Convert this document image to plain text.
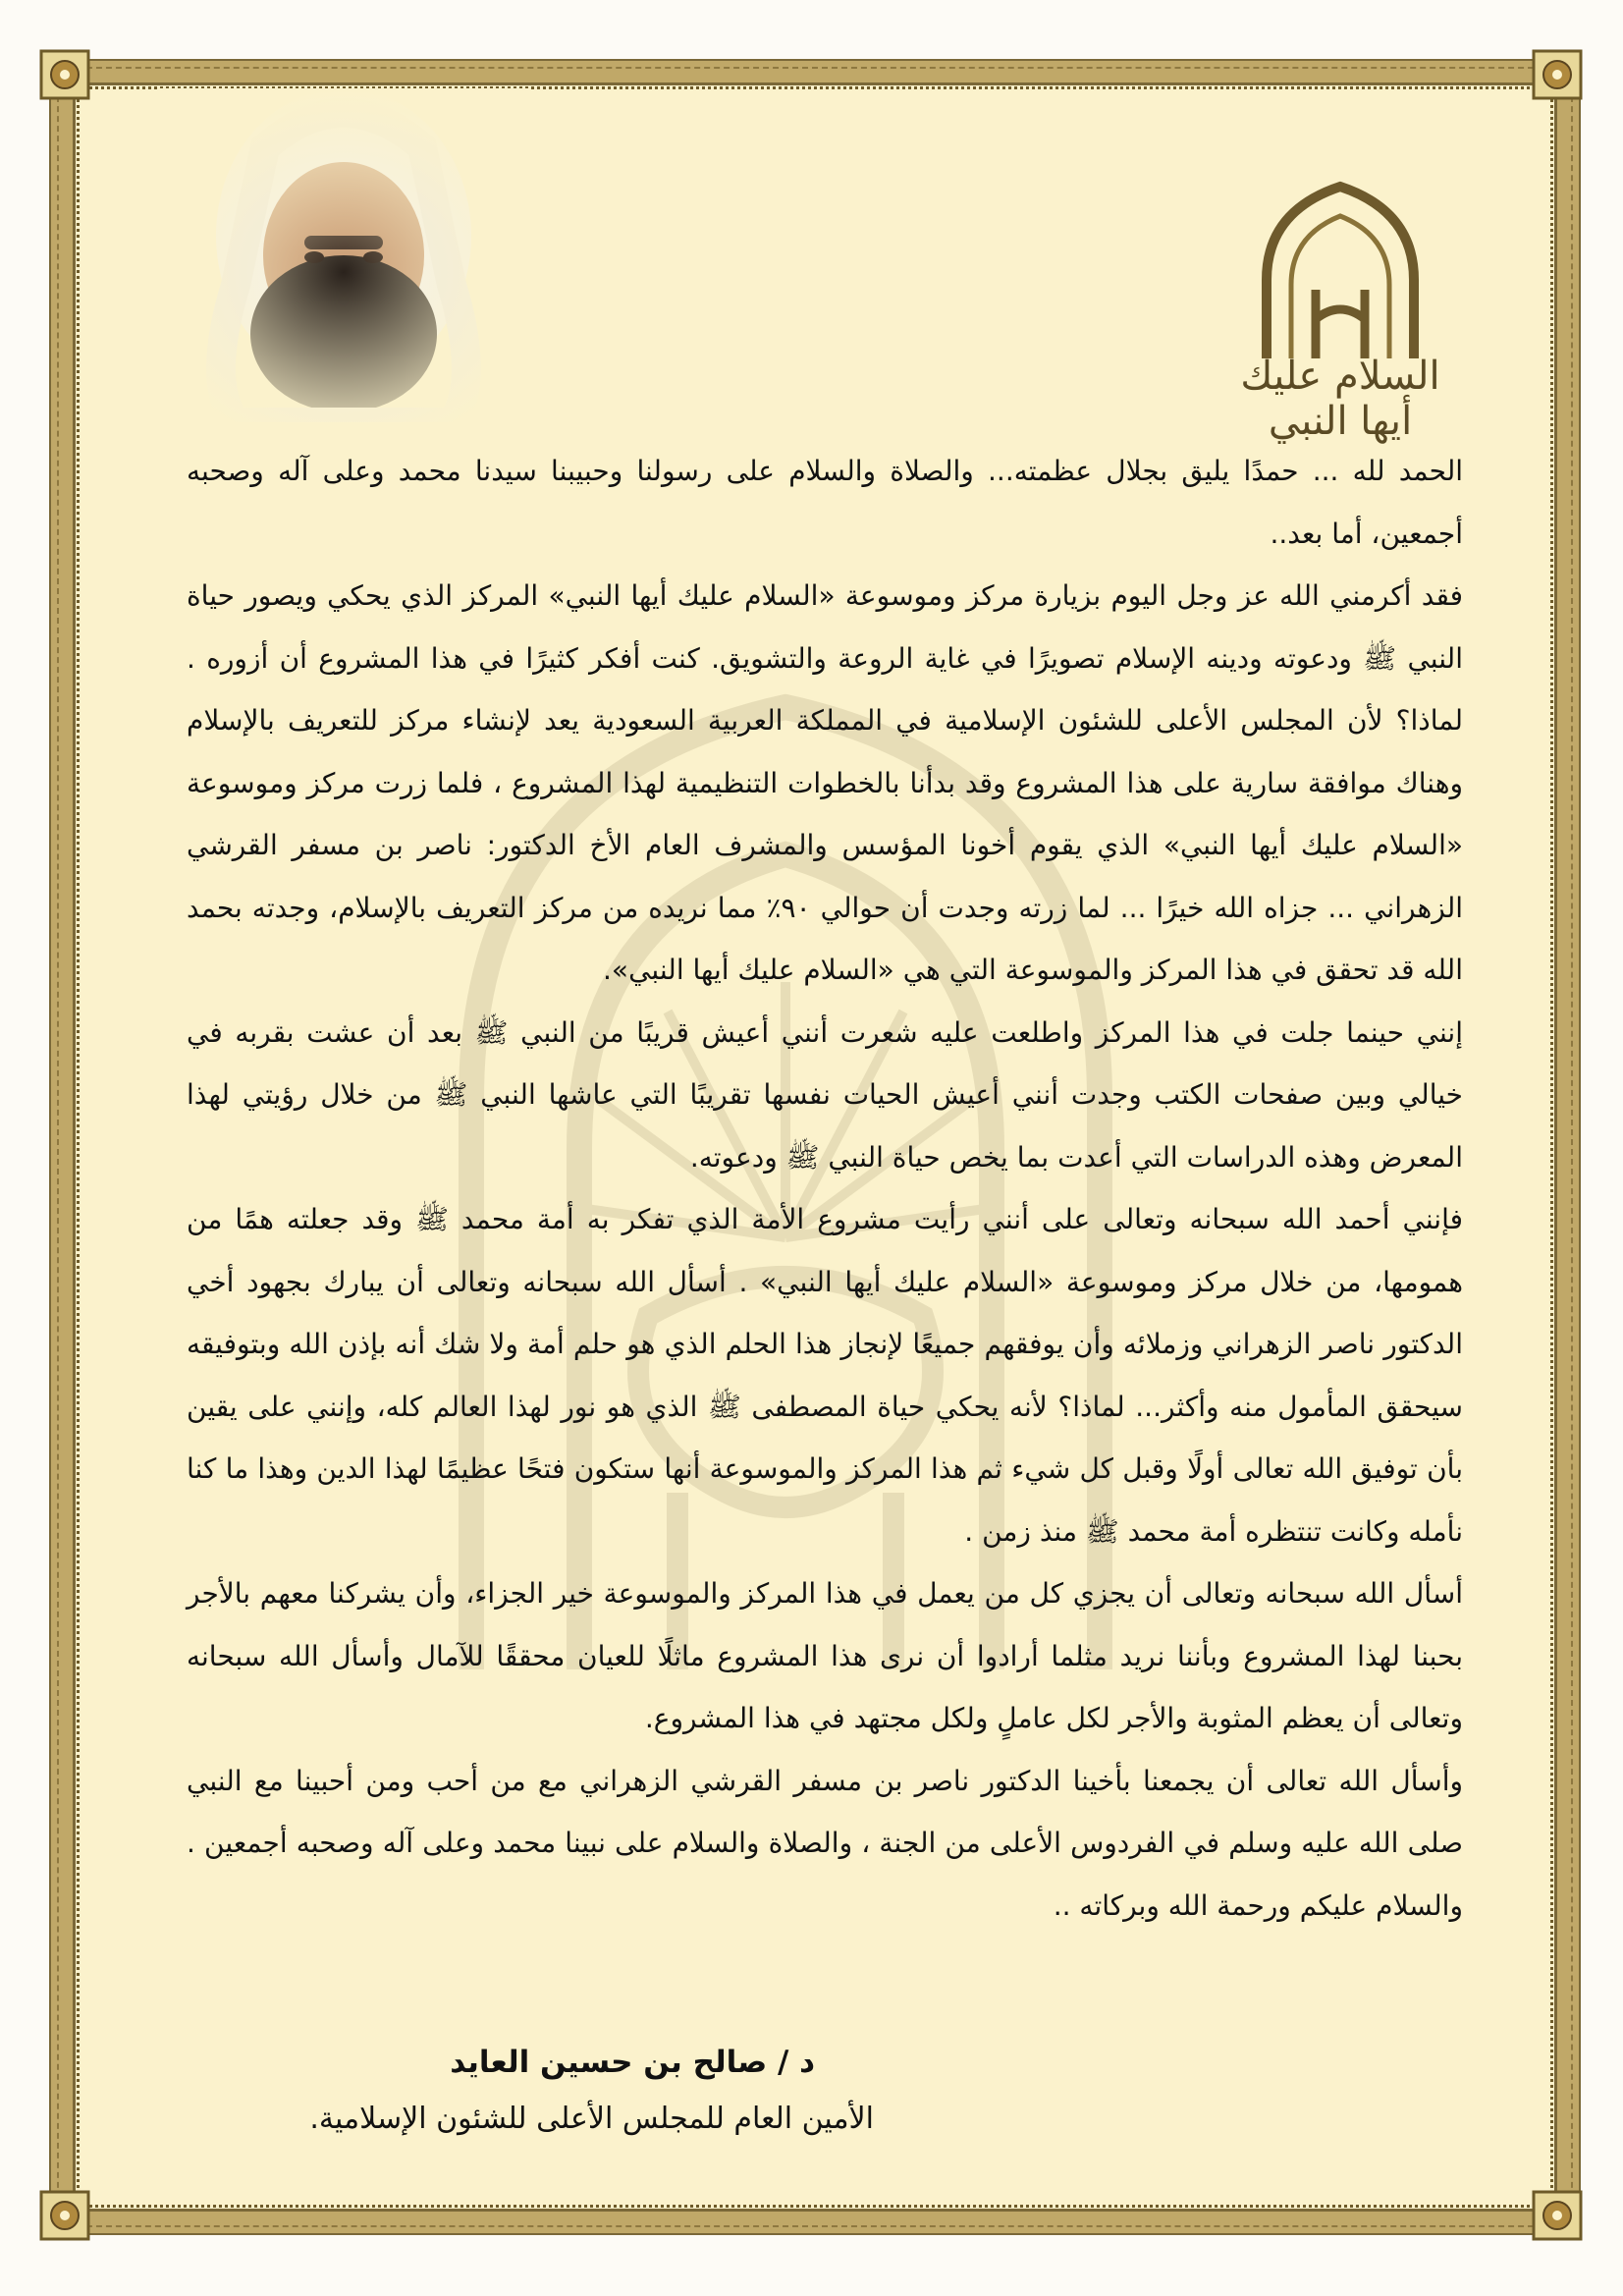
السلام عليك أيها النبي

الحمد لله ... حمدًا يليق بجلال عظمته... والصلاة والسلام على رسولنا وحبيبنا سيدنا محمد وعلى آله وصحبه أجمعين، أما بعد..

فقد أكرمني الله عز وجل اليوم بزيارة مركز وموسوعة «السلام عليك أيها النبي» المركز الذي يحكي ويصور حياة النبي ﷺ ودعوته ودينه الإسلام تصويرًا في غاية الروعة والتشويق. كنت أفكر كثيرًا في هذا المشروع أن أزوره . لماذا؟ لأن المجلس الأعلى للشئون الإسلامية في المملكة العربية السعودية يعد لإنشاء مركز للتعريف بالإسلام وهناك موافقة سارية على هذا المشروع وقد بدأنا بالخطوات التنظيمية لهذا المشروع ، فلما زرت مركز وموسوعة «السلام عليك أيها النبي» الذي يقوم أخونا المؤسس والمشرف العام الأخ الدكتور: ناصر بن مسفر القرشي الزهراني ... جزاه الله خيرًا ... لما زرته وجدت أن حوالي ٩٠٪ مما نريده من مركز التعريف بالإسلام، وجدته بحمد الله قد تحقق في هذا المركز والموسوعة التي هي «السلام عليك أيها النبي».

إنني حينما جلت في هذا المركز واطلعت عليه شعرت أنني أعيش قريبًا من النبي ﷺ بعد أن عشت بقربه في خيالي وبين صفحات الكتب وجدت أنني أعيش الحيات نفسها تقريبًا التي عاشها النبي ﷺ من خلال رؤيتي لهذا المعرض وهذه الدراسات التي أعدت بما يخص حياة النبي ﷺ ودعوته.

فإنني أحمد الله سبحانه وتعالى على أنني رأيت مشروع الأمة الذي تفكر به أمة محمد ﷺ وقد جعلته همًا من همومها، من خلال مركز وموسوعة «السلام عليك أيها النبي» . أسأل الله سبحانه وتعالى أن يبارك بجهود أخي الدكتور ناصر الزهراني وزملائه وأن يوفقهم جميعًا لإنجاز هذا الحلم الذي هو حلم أمة ولا شك أنه بإذن الله وبتوفيقه سيحقق المأمول منه وأكثر... لماذا؟ لأنه يحكي حياة المصطفى ﷺ الذي هو نور لهذا العالم كله، وإنني على يقين بأن توفيق الله تعالى أولًا وقبل كل شيء ثم هذا المركز والموسوعة أنها ستكون فتحًا عظيمًا لهذا الدين وهذا ما كنا نأمله وكانت تنتظره أمة محمد ﷺ منذ زمن .

أسأل الله سبحانه وتعالى أن يجزي كل من يعمل في هذا المركز والموسوعة خير الجزاء، وأن يشركنا معهم بالأجر بحبنا لهذا المشروع وبأننا نريد مثلما أرادوا أن نرى هذا المشروع ماثلًا للعيان محققًا للآمال وأسأل الله سبحانه وتعالى أن يعظم المثوبة والأجر لكل عاملٍ ولكل مجتهد في هذا المشروع.

وأسأل الله تعالى أن يجمعنا بأخينا الدكتور ناصر بن مسفر القرشي الزهراني مع من أحب ومن أحبينا مع النبي صلى الله عليه وسلم في الفردوس الأعلى من الجنة ، والصلاة والسلام على نبينا محمد وعلى آله وصحبه أجمعين . والسلام عليكم ورحمة الله وبركاته ..

د / صالح بن حسين العايد
الأمين العام للمجلس الأعلى للشئون الإسلامية.
